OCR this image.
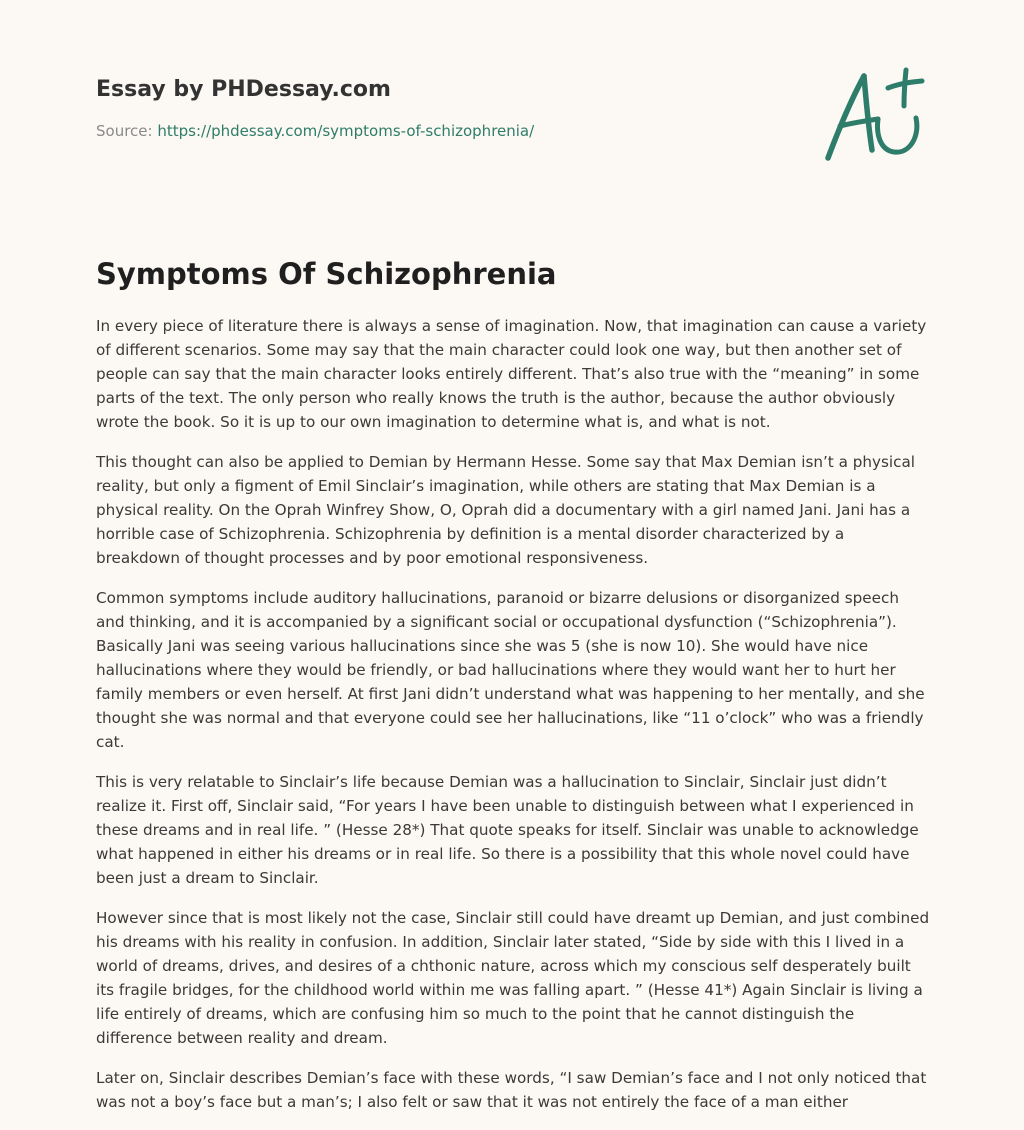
Essay by PHDessay.com

Source: https://phdessay.com/symptoms-of-schizophrenia/
Symptoms Of Schizophrenia

In every piece of literature there is always a sense of imagination. Now, that imagination can cause a variety of different scenarios. Some may say that the main character could look one way, but then another set of people can say that the main character looks entirely different. That’s also true with the “meaning” in some parts of the text. The only person who really knows the truth is the author, because the author obviously wrote the book. So it is up to our own imagination to determine what is, and what is not.

This thought can also be applied to Demian by Hermann Hesse. Some say that Max Demian isn’t a physical reality, but only a figment of Emil Sinclair’s imagination, while others are stating that Max Demian is a physical reality. On the Oprah Winfrey Show, O, Oprah did a documentary with a girl named Jani. Jani has a horrible case of Schizophrenia. Schizophrenia by definition is a mental disorder characterized by a breakdown of thought processes and by poor emotional responsiveness.

Common symptoms include auditory hallucinations, paranoid or bizarre delusions or disorganized speech and thinking, and it is accompanied by a significant social or occupational dysfunction (“Schizophrenia”). Basically Jani was seeing various hallucinations since she was 5 (she is now 10). She would have nice hallucinations where they would be friendly, or bad hallucinations where they would want her to hurt her family members or even herself. At first Jani didn’t understand what was happening to her mentally, and she thought she was normal and that everyone could see her hallucinations, like “11 o’clock” who was a friendly cat.

This is very relatable to Sinclair’s life because Demian was a hallucination to Sinclair, Sinclair just didn’t realize it. First off, Sinclair said, “For years I have been unable to distinguish between what I experienced in these dreams and in real life. ” (Hesse 28*) That quote speaks for itself. Sinclair was unable to acknowledge what happened in either his dreams or in real life. So there is a possibility that this whole novel could have been just a dream to Sinclair.

However since that is most likely not the case, Sinclair still could have dreamt up Demian, and just combined his dreams with his reality in confusion. In addition, Sinclair later stated, “Side by side with this I lived in a world of dreams, drives, and desires of a chthonic nature, across which my conscious self desperately built its fragile bridges, for the childhood world within me was falling apart. ” (Hesse 41*) Again Sinclair is living a life entirely of dreams, which are confusing him so much to the point that he cannot distinguish the difference between reality and dream.

Later on, Sinclair describes Demian’s face with these words, “I saw Demian’s face and I not only noticed that was not a boy’s face but a man’s; I also felt or saw that it was not entirely the face of a man either
